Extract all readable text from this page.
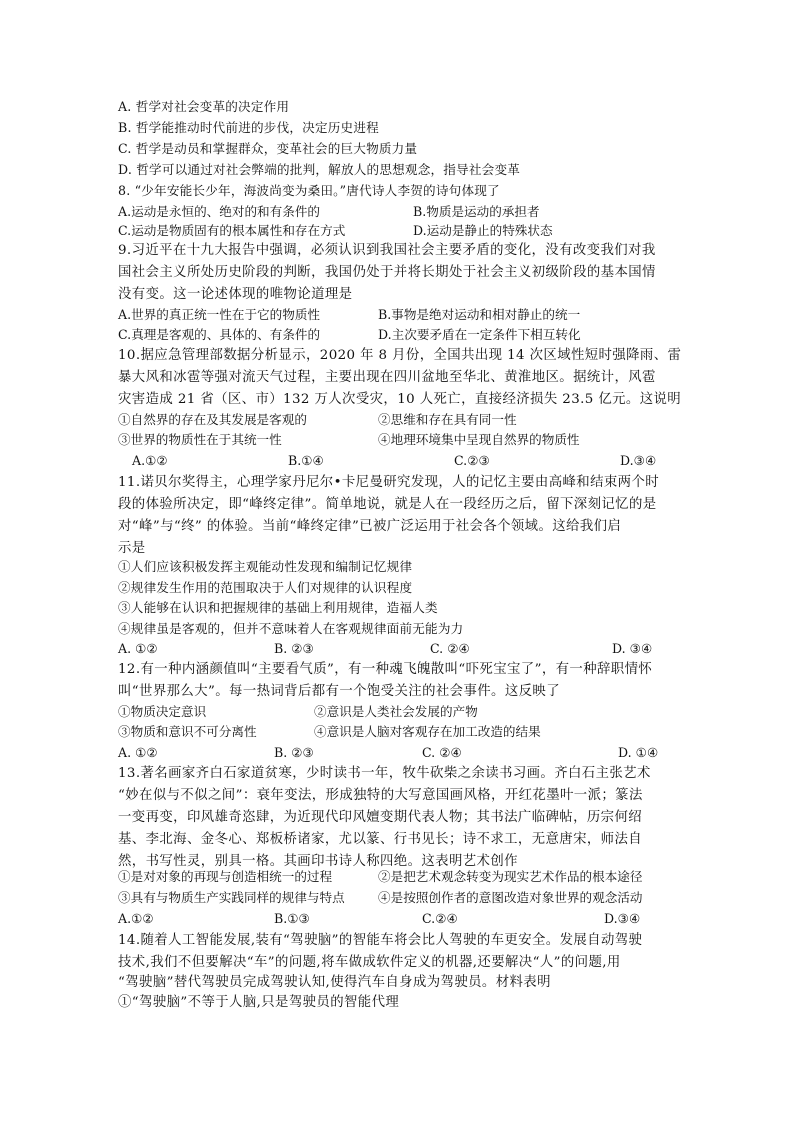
A. 哲学对社会变革的决定作用
B. 哲学能推动时代前进的步伐，决定历史进程
C. 哲学是动员和掌握群众，变革社会的巨大物质力量
D. 哲学可以通过对社会弊端的批判，解放人的思想观念，指导社会变革
8. “少年安能长少年，海波尚变为桑田。”唐代诗人李贺的诗句体现了
A.运动是永恒的、绝对的和有条件的	B.物质是运动的承担者
C.运动是物质固有的根本属性和存在方式	D.运动是静止的特殊状态
9.习近平在十九大报告中强调，必须认识到我国社会主要矛盾的变化，没有改变我们对我
国社会主义所处历史阶段的判断，我国仍处于并将长期处于社会主义初级阶段的基本国情
没有变。这一论述体现的唯物论道理是
A.世界的真正统一性在于它的物质性	B.事物是绝对运动和相对静止的统一
C.真理是客观的、具体的、有条件的	D.主次要矛盾在一定条件下相互转化
10.据应急管理部数据分析显示，2020 年 8 月份，全国共出现 14 次区域性短时强降雨、雷
暴大风和冰雹等强对流天气过程，主要出现在四川盆地至华北、黄淮地区。据统计，风雹
灾害造成 21 省（区、市）132 万人次受灾，10 人死亡，直接经济损失 23.5 亿元。这说明
①自然界的存在及其发展是客观的	②思维和存在具有同一性
③世界的物质性在于其统一性	④地理环境集中呈现自然界的物质性
A.①②	B.①④	C.②③	D.③④
11.诺贝尔奖得主，心理学家丹尼尔•卡尼曼研究发现，人的记忆主要由高峰和结束两个时
段的体验所决定，即“峰终定律”。简单地说，就是人在一段经历之后，留下深刻记忆的是
对“峰”与“终” 的体验。当前“峰终定律”已被广泛运用于社会各个领域。这给我们启
示是
①人们应该积极发挥主观能动性发现和编制记忆规律
②规律发生作用的范围取决于人们对规律的认识程度
③人能够在认识和把握规律的基础上利用规律，造福人类
④规律虽是客观的，但并不意味着人在客观规律面前无能为力
A. ①②	B. ②③	C. ②④	D. ③④
12.有一种内涵颜值叫“主要看气质”，有一种魂飞魄散叫“吓死宝宝了”，有一种辞职情怀
叫“世界那么大”。每一热词背后都有一个饱受关注的社会事件。这反映了
①物质决定意识	②意识是人类社会发展的产物
③物质和意识不可分离性	④意识是人脑对客观存在加工改造的结果
A. ①②	B. ②③	C. ②④	D. ①④
13.著名画家齐白石家道贫寒，少时读书一年，牧牛砍柴之余读书习画。齐白石主张艺术
“妙在似与不似之间”：衰年变法，形成独特的大写意国画风格，开红花墨叶一派；篆法
一变再变，印风雄奇恣肆，为近现代印风嬗变期代表人物；其书法广临碑帖，历宗何绍
基、李北海、金冬心、郑板桥诸家，尤以篆、行书见长；诗不求工，无意唐宋，师法自
然，书写性灵，别具一格。其画印书诗人称四绝。这表明艺术创作
①是对对象的再现与创造相统一的过程	②是把艺术观念转变为现实艺术作品的根本途径
③具有与物质生产实践同样的规律与特点	④是按照创作者的意图改造对象世界的观念活动
A.①②	B.①③	C.②④	D.③④
14.随着人工智能发展,装有“驾驶脑”的智能车将会比人驾驶的车更安全。发展自动驾驶
技术,我们不但要解决“车”的问题,将车做成软件定义的机器,还要解决“人”的问题,用
“驾驶脑”替代驾驶员完成驾驶认知,使得汽车自身成为驾驶员。材料表明
①“驾驶脑”不等于人脑,只是驾驶员的智能代理
